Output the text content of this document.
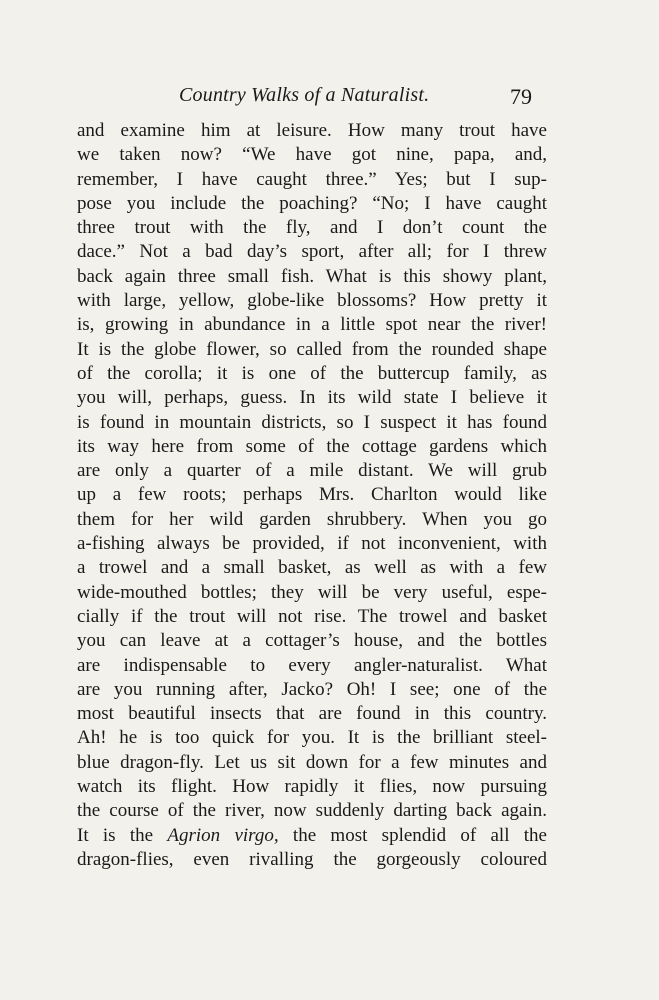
Country Walks of a Naturalist.	79
and examine him at leisure. How many trout have
we taken now? “We have got nine, papa, and,
remember, I have caught three.” Yes; but I sup-
pose you include the poaching? “No; I have caught
three trout with the fly, and I don’t count the
dace.” Not a bad day’s sport, after all; for I threw
back again three small fish. What is this showy plant,
with large, yellow, globe-like blossoms? How pretty it
is, growing in abundance in a little spot near the river!
It is the globe flower, so called from the rounded shape
of the corolla; it is one of the buttercup family, as
you will, perhaps, guess. In its wild state I believe it
is found in mountain districts, so I suspect it has found
its way here from some of the cottage gardens which
are only a quarter of a mile distant. We will grub
up a few roots; perhaps Mrs. Charlton would like
them for her wild garden shrubbery. When you go
a-fishing always be provided, if not inconvenient, with
a trowel and a small basket, as well as with a few
wide-mouthed bottles; they will be very useful, espe-
cially if the trout will not rise. The trowel and basket
you can leave at a cottager’s house, and the bottles
are indispensable to every angler-naturalist. What
are you running after, Jacko? Oh! I see; one of the
most beautiful insects that are found in this country.
Ah! he is too quick for you. It is the brilliant steel-
blue dragon-fly. Let us sit down for a few minutes and
watch its flight. How rapidly it flies, now pursuing
the course of the river, now suddenly darting back again.
It is the Agrion virgo, the most splendid of all the
dragon-flies, even rivalling the gorgeously coloured
